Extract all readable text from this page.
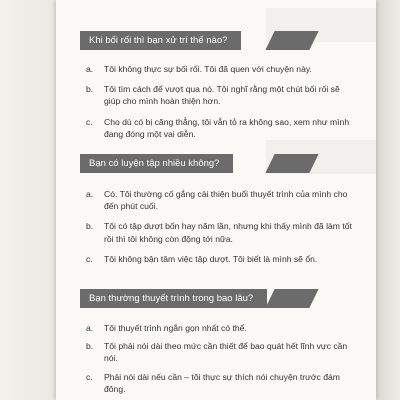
Khi bối rối thì bạn xử trí thế nào?
a. Tôi không thực sự bối rối. Tôi đã quen với chuyện này.
b. Tôi tìm cách để vượt qua nó. Tôi nghĩ rằng một chút bối rối sẽ giúp cho mình hoàn thiện hơn.
c. Cho dù có bị căng thẳng, tôi vẫn tỏ ra không sao, xem như mình đang đóng một vai diễn.
Bạn có luyện tập nhiều không?
a. Có. Tôi thường cố gắng cải thiện buổi thuyết trình của mình cho đến phút cuối.
b. Tôi có tập dượt bốn hay năm lần, nhưng khi thấy mình đã làm tốt rồi thì tôi không còn động tới nữa.
c. Tôi không bận tâm việc tập dượt. Tôi biết là mình sẽ ổn.
Bạn thường thuyết trình trong bao lâu?
a. Tôi thuyết trình ngắn gọn nhất có thể.
b. Tôi phải nói dài theo mức cần thiết để bao quát hết lĩnh vực cần nói.
c. Phải nói dài nếu cần – tôi thực sự thích nói chuyện trước đám đông.
